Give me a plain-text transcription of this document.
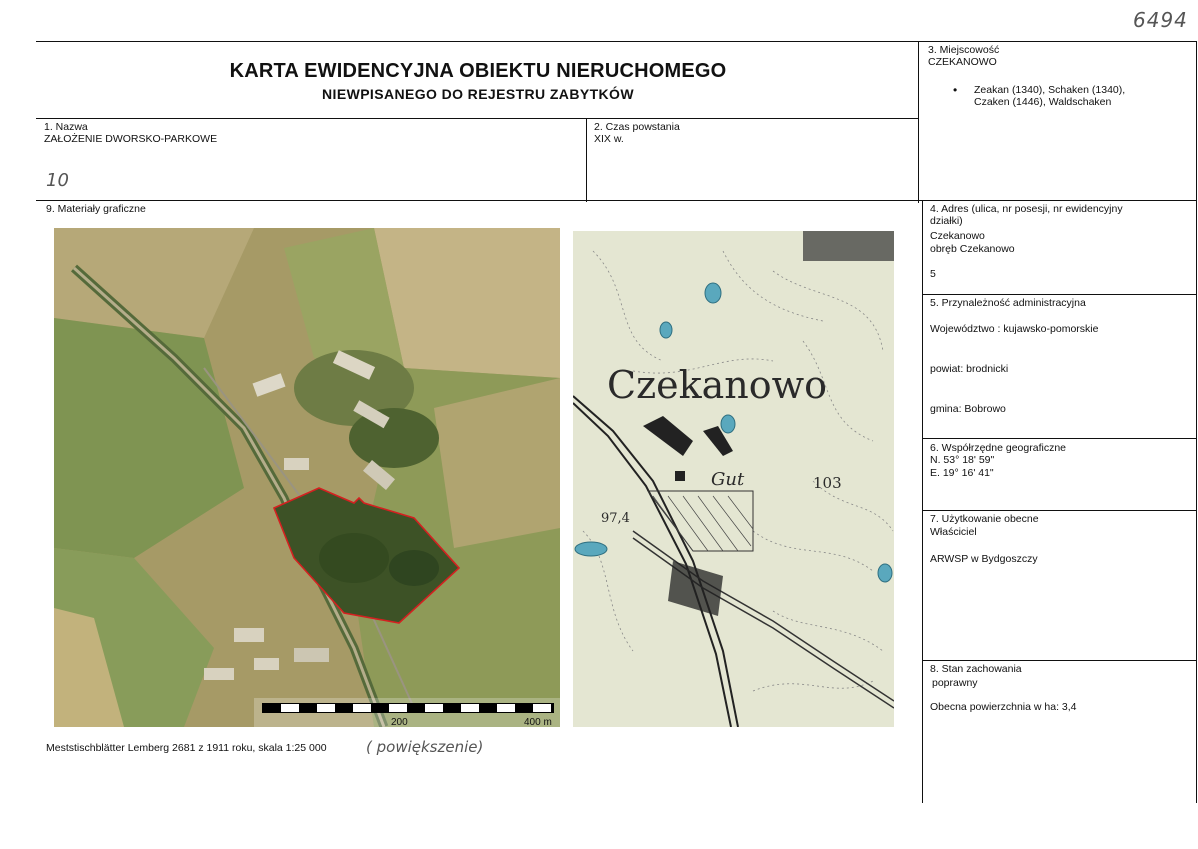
6494
KARTA EWIDENCYJNA OBIEKTU NIERUCHOMEGO
NIEWPISANEGO DO REJESTRU ZABYTKÓW
3. Miejscowość
CZEKANOWO
• Zeakan (1340), Schaken (1340),
Czaken (1446), Waldschaken
1. Nazwa
ZAŁOŻENIE DWORSKO-PARKOWE
10
2. Czas powstania
XIX w.
9. Materiały graficzne
200	400 m
Czekanowo
Gut	103
97,4
Meststischblätter Lemberg 2681 z 1911 roku, skala 1:25 000	( powiększenie)
4. Adres (ulica, nr posesji, nr ewidencyjny
działki)
Czekanowo
obręb Czekanowo
5
5. Przynależność administracyjna
Województwo : kujawsko-pomorskie
powiat: brodnicki
gmina: Bobrowo
6. Współrzędne geograficzne
N. 53° 18' 59"
E. 19° 16' 41"
7. Użytkowanie obecne
Właściciel
ARWSP w Bydgoszczy
8. Stan zachowania
poprawny
Obecna powierzchnia w ha: 3,4
